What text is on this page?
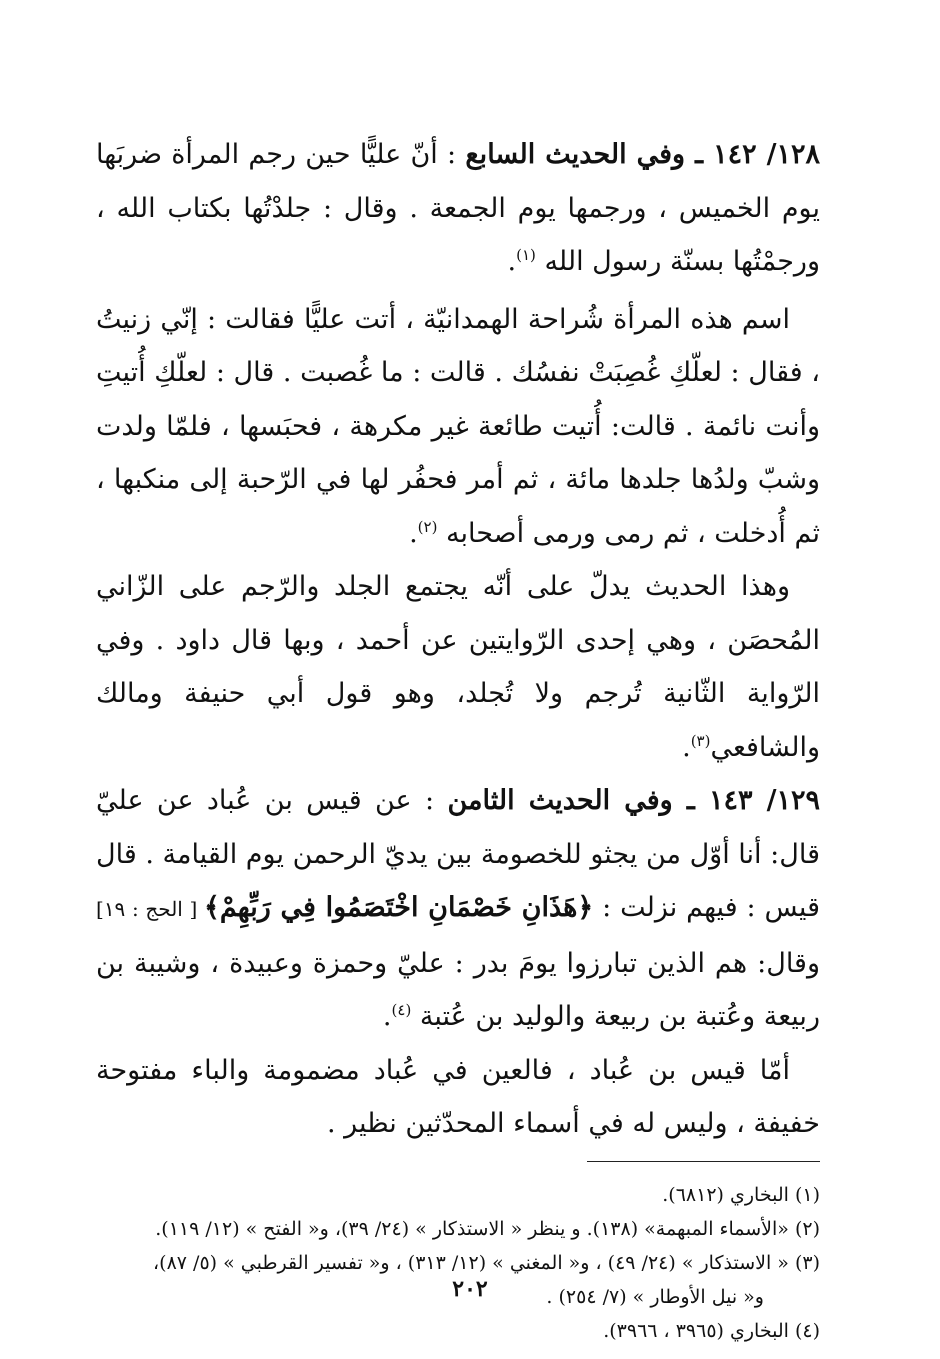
١٢٨/ ١٤٢ ـ وفي الحديث السابع : أنّ عليًّا حين رجم المرأة ضربَها يوم الخميس ، ورجمها يوم الجمعة . وقال : جلدْتُها بكتاب الله ، ورجمْتُها بسنّة رسول الله $^{(١)}$.

اسم هذه المرأة شُراحة الهمدانيّة ، أتت عليًّا فقالت : إنّي زنيتُ ، فقال : لعلّكِ غُصِبَتْ نفسُك . قالت : ما غُصبت . قال : لعلّكِ أُتيتِ وأنت نائمة . قالت: أُتيت طائعة غير مكرهة ، فحبَسها ، فلمّا ولدت وشبّ ولدُها جلدها مائة ، ثم أمر فحفُر لها في الرّحبة إلى منكبها ، ثم أُدخلت ، ثم رمى ورمى أصحابه $^{(٢)}$.

وهذا الحديث يدلّ على أنّه يجتمع الجلد والرّجم على الزّاني المُحصَن ، وهي إحدى الرّوايتين عن أحمد ، وبها قال داود . وفي الرّواية الثّانية تُرجم ولا تُجلد، وهو قول أبي حنيفة ومالك والشافعي$^{(٣)}$.

١٢٩/ ١٤٣ ـ وفي الحديث الثامن : عن قيس بن عُباد عن عليّ قال: أنا أوّل من يجثو للخصومة بين يديّ الرحمن يوم القيامة . قال قيس : فيهم نزلت : ﴿هَذَانِ خَصْمَانِ اخْتَصَمُوا فِي رَبِّهِمْ﴾ [ الحج : ١٩] وقال: هم الذين تبارزوا يومَ بدر : عليّ وحمزة وعبيدة ، وشيبة بن ربيعة وعُتبة بن ربيعة والوليد بن عُتبة $^{(٤)}$.

أمّا قيس بن عُباد ، فالعين في عُباد مضمومة والباء مفتوحة خفيفة ، وليس له في أسماء المحدّثين نظير .

(١) البخاري (٦٨١٢).

(٢) «الأسماء المبهمة» (١٣٨). و ينظر « الاستذكار » (٢٤/ ٣٩)، و« الفتح » (١٢/ ١١٩).

(٣) « الاستذكار » (٢٤/ ٤٩) ، و« المغني » (١٢/ ٣١٣) ، و« تفسير القرطبي » (٥/ ٨٧)،

و« نيل الأوطار » (٧/ ٢٥٤) .

(٤) البخاري (٣٩٦٥ ، ٣٩٦٦).

٢٠٢
